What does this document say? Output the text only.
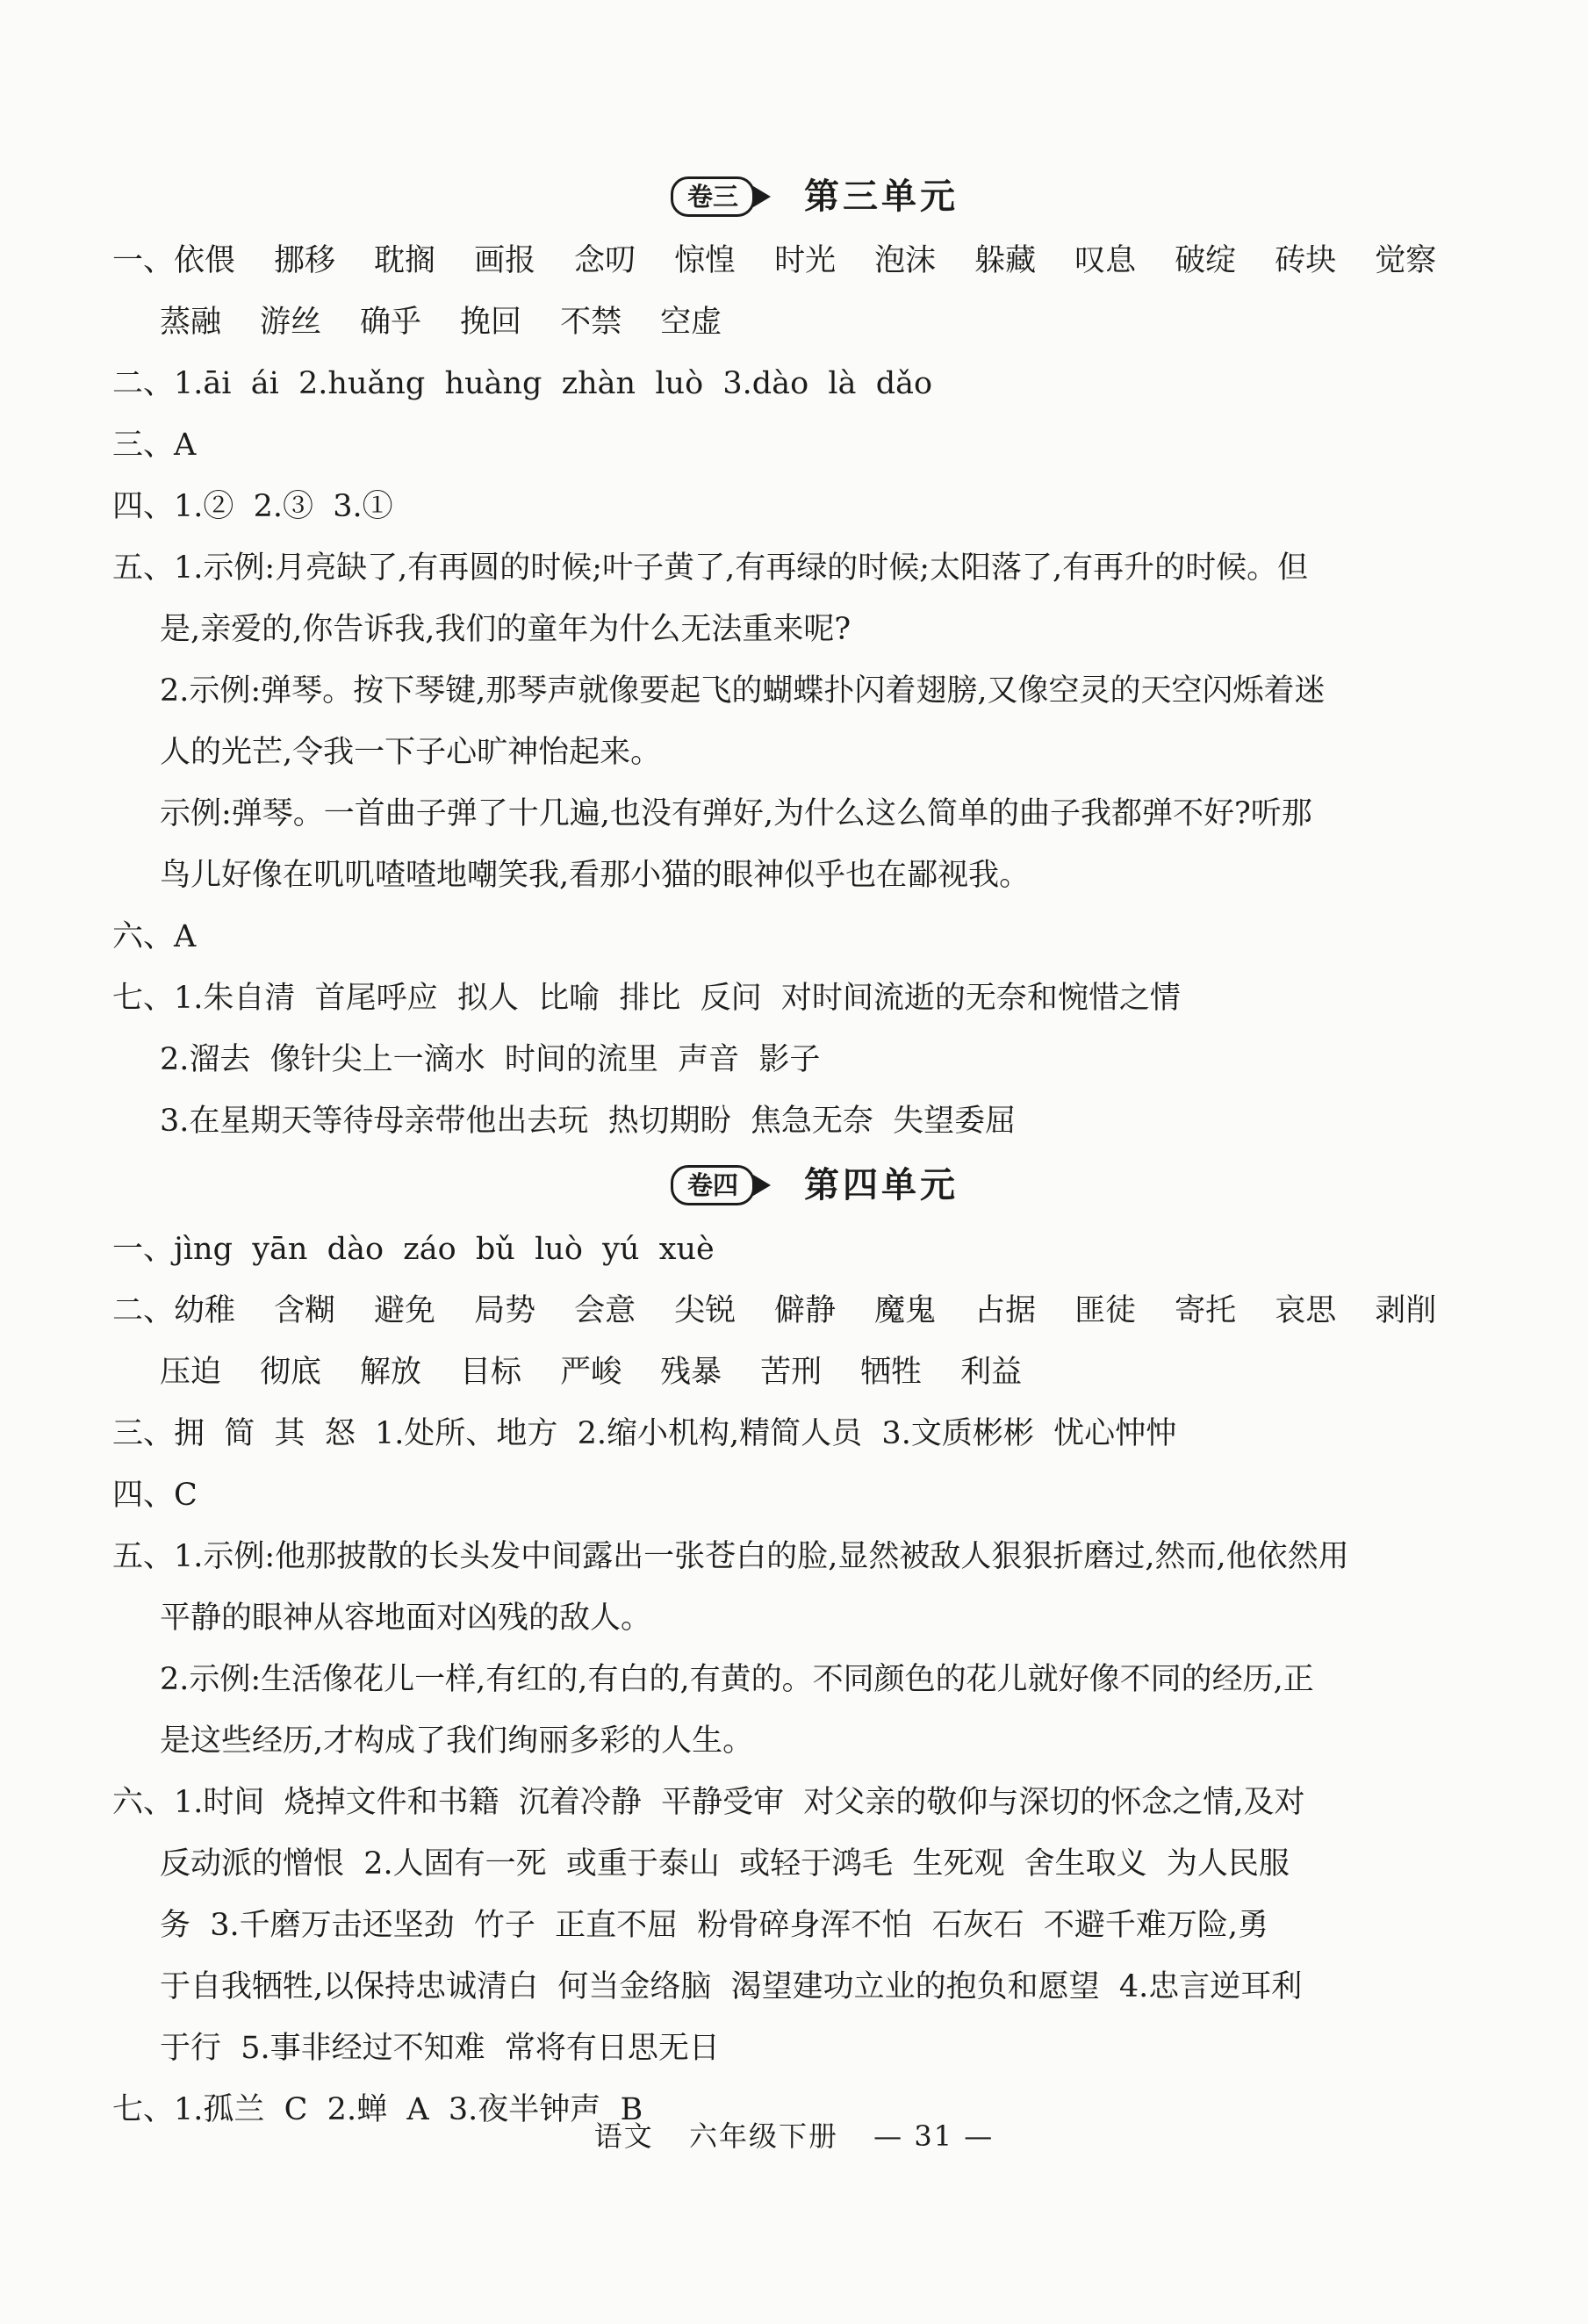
卷三	第三单元
一、依偎 挪移 耽搁 画报 念叨 惊惶 时光 泡沫 躲藏 叹息 破绽 砖块 觉察
蒸融 游丝 确乎 挽回 不禁 空虚
二、1.āi  ái  2.huǎng  huàng  zhàn  luò  3.dào  là  dǎo
三、A
四、1.②  2.③  3.①
五、1.示例:月亮缺了,有再圆的时候;叶子黄了,有再绿的时候;太阳落了,有再升的时候。但
是,亲爱的,你告诉我,我们的童年为什么无法重来呢?
2.示例:弹琴。按下琴键,那琴声就像要起飞的蝴蝶扑闪着翅膀,又像空灵的天空闪烁着迷
人的光芒,令我一下子心旷神怡起来。
示例:弹琴。一首曲子弹了十几遍,也没有弹好,为什么这么简单的曲子我都弹不好?听那
鸟儿好像在叽叽喳喳地嘲笑我,看那小猫的眼神似乎也在鄙视我。
六、A
七、1.朱自清  首尾呼应  拟人  比喻  排比  反问  对时间流逝的无奈和惋惜之情
2.溜去  像针尖上一滴水  时间的流里  声音  影子
3.在星期天等待母亲带他出去玩  热切期盼  焦急无奈  失望委屈
卷四	第四单元
一、jìng  yān  dào  záo  bǔ  luò  yú  xuè
二、幼稚 含糊 避免 局势 会意 尖锐 僻静 魔鬼 占据 匪徒 寄托 哀思 剥削
压迫 彻底 解放 目标 严峻 残暴 苦刑 牺牲 利益
三、拥  简  其  怒  1.处所、地方  2.缩小机构,精简人员  3.文质彬彬  忧心忡忡
四、C
五、1.示例:他那披散的长头发中间露出一张苍白的脸,显然被敌人狠狠折磨过,然而,他依然用
平静的眼神从容地面对凶残的敌人。
2.示例:生活像花儿一样,有红的,有白的,有黄的。不同颜色的花儿就好像不同的经历,正
是这些经历,才构成了我们绚丽多彩的人生。
六、1.时间  烧掉文件和书籍  沉着冷静  平静受审  对父亲的敬仰与深切的怀念之情,及对
反动派的憎恨  2.人固有一死  或重于泰山  或轻于鸿毛  生死观  舍生取义  为人民服
务  3.千磨万击还坚劲  竹子  正直不屈  粉骨碎身浑不怕  石灰石  不避千难万险,勇
于自我牺牲,以保持忠诚清白  何当金络脑  渴望建功立业的抱负和愿望  4.忠言逆耳利
于行  5.事非经过不知难  常将有日思无日
七、1.孤兰  C  2.蝉  A  3.夜半钟声  B
语文 六年级下册 — 31 —
